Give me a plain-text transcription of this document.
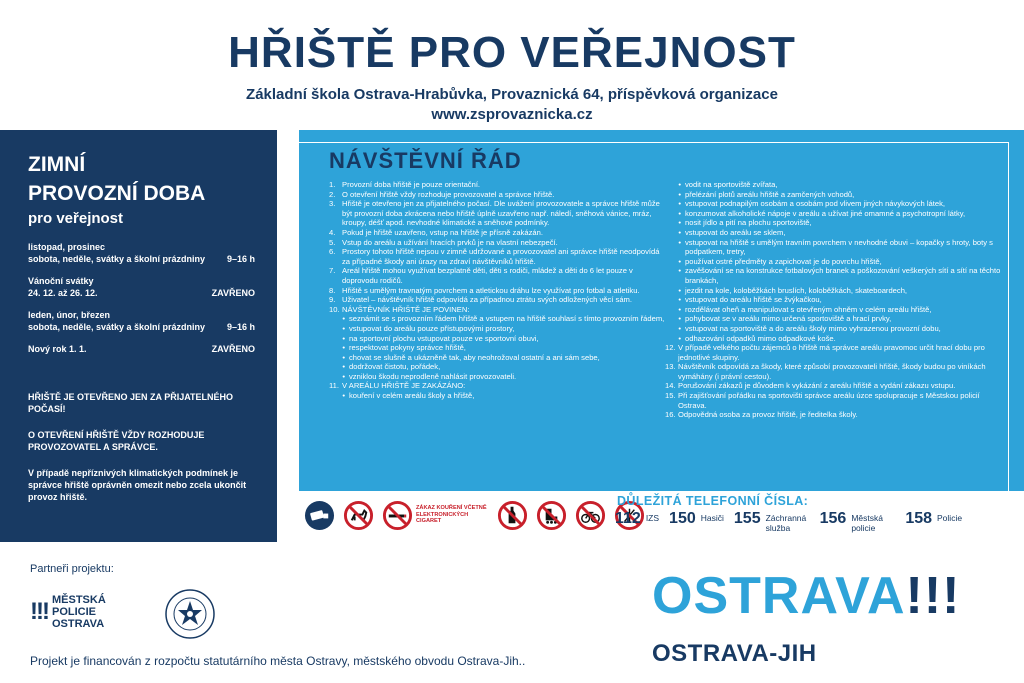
HŘIŠTĚ PRO VEŘEJNOST
Základní škola Ostrava-Hrabůvka, Provaznická 64, příspěvková organizace
www.zsprovaznicka.cz
ZIMNÍ
PROVOZNÍ DOBA
pro veřejnost
listopad, prosinec
sobota, neděle, svátky a školní prázdniny	9–16 h
Vánoční svátky
24. 12. až 26. 12.	ZAVŘENO
leden, únor, březen
sobota, neděle, svátky a školní prázdniny	9–16 h
Nový rok 1. 1.	ZAVŘENO
HŘIŠTĚ JE OTEVŘENO JEN ZA PŘIJATELNÉHO POČASÍ!
O OTEVŘENÍ HŘIŠTĚ VŽDY ROZHODUJE PROVOZOVATEL A SPRÁVCE.
V případě nepříznivých klimatických podmínek je správce hřiště oprávněn omezit nebo zcela ukončit provoz hřiště.
NÁVŠTĚVNÍ ŘÁD
1. Provozní doba hřiště je pouze orientační.
2. O otevření hřiště vždy rozhoduje provozovatel a správce hřiště.
3. Hřiště je otevřeno jen za přijatelného počasí. Dle uvážení provozovatele a správce hřiště může být provozní doba zkrácena nebo hřiště úplně uzavřeno např. náledí, sněhová vánice, mráz, kroupy, déšť apod. nevhodné klimatické a sněhové podmínky.
4. Pokud je hřiště uzavřeno, vstup na hřiště je přísně zakázán.
5. Vstup do areálu a užívání hracích prvků je na vlastní nebezpečí.
6. Prostory tohoto hřiště nejsou v zimně udržované a provozovatel ani správce hřiště neodpovídá za případné škody ani úrazy na zdraví návštěvníků hřiště.
7. Areál hřiště mohou využívat bezplatně děti, děti s rodiči, mládež a děti do 6 let pouze v doprovodu rodičů.
8. Hřiště s umělým travnatým povrchem a atletickou dráhu lze využívat pro fotbal a atletiku.
9. Uživatel – návštěvník hřiště odpovídá za případnou ztrátu svých odložených věcí sám.
10. NÁVŠTĚVNÍK HŘIŠTĚ JE POVINEN:
• seznámit se s provozním řádem hřiště a vstupem na hřiště souhlasí s tímto provozním řádem,
• vstupovat do areálu pouze přístupovými prostory,
• na sportovní plochu vstupovat pouze ve sportovní obuvi,
• respektovat pokyny správce hřiště,
• chovat se slušně a ukázněně tak, aby neohrožoval ostatní a ani sám sebe,
• dodržovat čistotu, pořádek,
• vzniklou škodu neprodleně nahlásit provozovateli.
11. V AREÁLU HŘIŠTĚ JE ZAKÁZÁNO:
• kouření v celém areálu školy a hřiště,
• vodit na sportoviště zvířata,
• přelézání plotů areálu hřiště a zamčených vchodů,
• vstupovat podnapilým osobám a osobám pod vlivem jiných návykových látek,
• konzumovat alkoholické nápoje v areálu a užívat jiné omamné a psychotropní látky,
• nosit jídlo a pití na plochu sportoviště,
• vstupovat do areálu se sklem,
• vstupovat na hřiště s umělým travním povrchem v nevhodné obuvi – kopačky s hroty, boty s podpatkem, tretry,
• používat ostré předměty a zapichovat je do povrchu hřiště,
• zavěšování se na konstrukce fotbalových branek a poškozování veškerých sítí a sítí na těchto brankách,
• jezdit na kole, koloběžkách bruslích, koloběžkách, skateboardech,
• vstupovat do areálu hřiště se žvýkačkou,
• rozdělávat oheň a manipulovat s otevřeným ohněm v celém areálu hřiště,
• pohybovat se v areálu mimo určená sportoviště a hrací prvky,
• vstupovat na sportoviště a do areálu školy mimo vyhrazenou provozní dobu,
• odhazování odpadků mimo odpadkové koše.
12. V případě velkého počtu zájemců o hřiště má správce areálu pravomoc určit hrací dobu pro jednotlivé skupiny.
13. Návštěvník odpovídá za škody, které způsobí provozovateli hřiště, škody budou po viníkách vymáhány (i právní cestou).
14. Porušování zákazů je důvodem k vykázání z areálu hřiště a vydání zákazu vstupu.
15. Při zajišťování pořádku na sportovišti správce areálu úzce spolupracuje s Městskou policií Ostrava.
16. Odpovědná osoba za provoz hřiště, je ředitelka školy.
ZÁKAZ KOUŘENÍ VČETNĚ ELEKTRONICKÝCH CIGARET
DŮLEŽITÁ TELEFONNÍ ČÍSLA:
112 IZS 150 Hasiči 155 Záchranná služba
156 Městská policie
158 Policie
Partneři projektu:
!!! MĚSTSKÁ
POLICIE
OSTRAVA
Projekt je financován z rozpočtu statutárního města Ostravy, městského obvodu Ostrava-Jih..
OSTRAVA!!!
OSTRAVA-JIH
